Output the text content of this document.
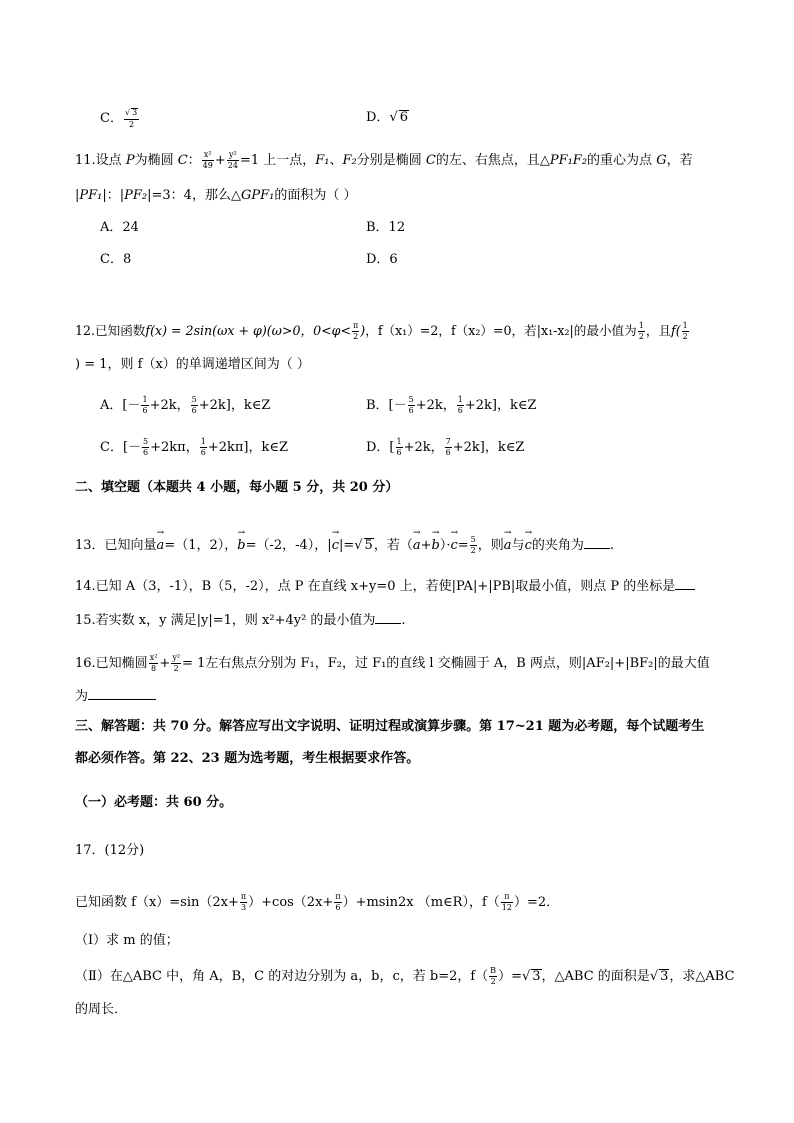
C． $\frac{√ 3}{2}$	D．√ 6
11.设点 P为椭圆 C： $\frac{\text{x²}}{49} + \frac{\text{y²}}{24} =1$ 上一点，F₁、F₂分别是椭圆 C的左、右焦点，且△PF₁F₂的重心为点 G，若
|PF₁|：|PF₂|=3：4，那么△GPF₁的面积为（ ）
A．24	B．12
C．8	D．6
12.已知函数f(x) = 2sin(ωx + φ)(ω>0，$0<\varphi< \frac{\pi}{2}$ )，f（x₁）=2，f（x₂）=0，若|x₁-x₂|的最小值为 $\frac{1}{2}$ ，且$f( \frac{1}{2}$
) = 1，则 f（x）的单调递增区间为（ ）
A．[－ $\frac{1}{6} +2k$， $\frac{5}{6} +2k$]，k∈Z	B．[－ $\frac{5}{6} +2k$， $\frac{1}{6} +2k$]，k∈Z
C．[－ $\frac{5}{6} +2k\pi$， $\frac{1}{6} +2k\pi$]，k∈Z	D．[ $\frac{1}{6} +2k$， $\frac{7}{6} +2k$]，k∈Z
二、填空题（本题共 4 小题，每小题 5 分，共 20 分）
13．已知向量→ a=（1，2），→ b=（-2，-4），|→ c|=√ 5，若（→ $a+\to b)\cdot\to c= \frac{5}{2}$ ，则→ a与→ c的夹角为 .
14.已知 A（3，-1），B（5，-2），点 P 在直线 x+y=0 上，若使|PA|+|PB|取最小值，则点 P 的坐标是
15.若实数 x，y 满足|y|=1，则 x²+4y² 的最小值为 .
16.已知椭圆 $\frac{\text{x²}}{8} + \frac{\text{y²}}{2} = 1$左右焦点分别为 F₁，F₂，过 F₁的直线 l 交椭圆于 A，B 两点，则|AF₂|+|BF₂|的最大值
为
三、解答题：共 70 分。解答应写出文字说明、证明过程或演算步骤。第 17~21 题为必考题，每个试题考生
都必须作答。第 22、23 题为选考题，考生根据要求作答。
（一）必考题：共 60 分。
17．(12分)
已知函数 $f(x)=\sin(2x+ \frac{\pi}{3} )+\cos(2x+ \frac{\pi}{6} )+msin2x$ （m∈R），$f( \frac{\pi}{12} )=2$．
（Ⅰ）求 m 的值；
（Ⅱ）在△ABC 中，角 A，B，C 的对边分别为 a，b，c，若 b=2，$f( \frac{B}{2}$ ）=√ 3，△ABC 的面积是√ 3，求△ABC
的周长．
